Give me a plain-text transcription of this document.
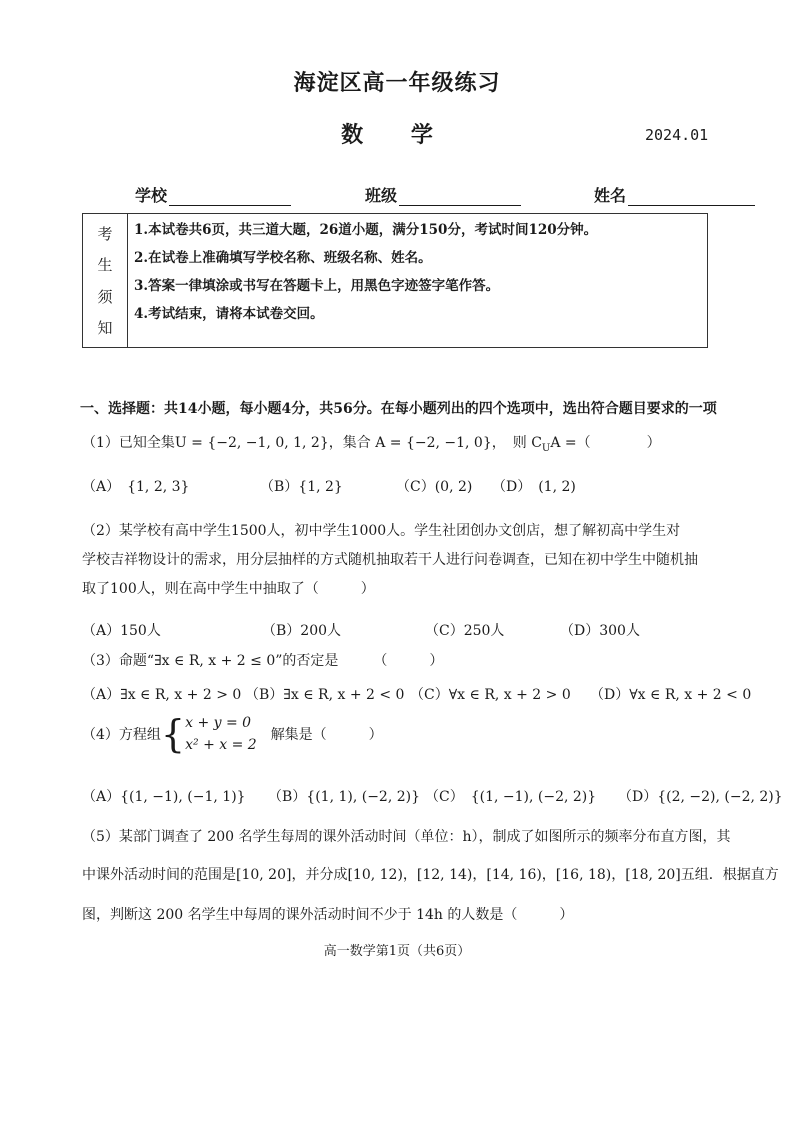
海淀区高一年级练习
数 学	2024.01
学校	班级	姓名
考
生
须
知
1.本试卷共6页，共三道大题，26道小题，满分150分，考试时间120分钟。
2.在试卷上准确填写学校名称、班级名称、姓名。
3.答案一律填涂或书写在答题卡上，用黑色字迹签字笔作答。
4.考试结束，请将本试卷交回。
一、选择题：共14小题，每小题4分，共56分。在每小题列出的四个选项中，选出符合题目要求的一项
（1）已知全集U = {−2, −1, 0, 1, 2}，集合 A = {−2, −1, 0}，　则 $C_UA$ =（　　　　）
（A）　{1, 2, 3}	（B）{1, 2}	（C）(0, 2) （D）　(1, 2)
（2）某学校有高中学生1500人，初中学生1000人。学生社团创办文创店，想了解初高中学生对
学校吉祥物设计的需求，用分层抽样的方式随机抽取若干人进行问卷调查，已知在初中学生中随机抽
取了100人，则在高中学生中抽取了（　　　）
（A）150人	（B）200人	（C）250人	（D）300人
（3）命题“∃x ∈ R, x + 2 ≤ 0”的否定是　　　（　　　）
（A）∃x ∈ R, x + 2 > 0 （B）∃x ∈ R, x + 2 < 0 （C）∀x ∈ R, x + 2 > 0 （D）∀x ∈ R, x + 2 < 0
（4）方程组 { x + y = 0
x² + x = 2
解集是（　　　）
（A）{(1, −1), (−1, 1)} （B）{(1, 1), (−2, 2)} （C）　{(1, −1), (−2, 2)} （D）{(2, −2), (−2, 2)}
（5）某部门调查了 200 名学生每周的课外活动时间（单位：h），制成了如图所示的频率分布直方图，其
中课外活动时间的范围是[10, 20]，并分成[10, 12)，[12, 14)，[14, 16)，[16, 18)，[18, 20]五组．根据直方
图，判断这 200 名学生中每周的课外活动时间不少于 14h 的人数是（　　　）
高一数学第1页（共6页）
